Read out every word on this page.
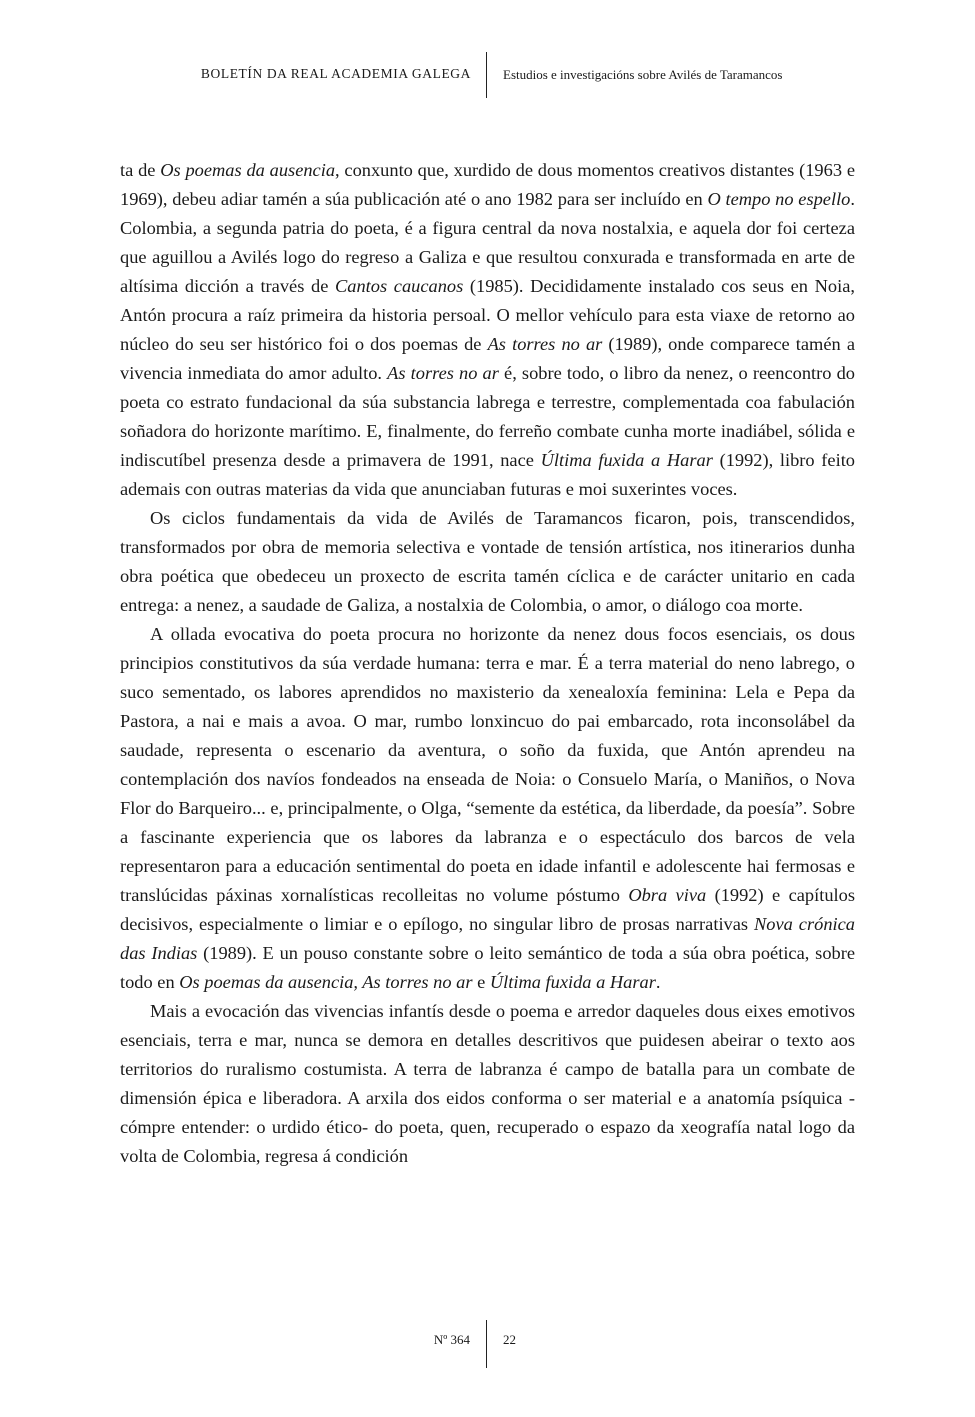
BOLETÍN DA REAL ACADEMIA GALEGA Estudios e investigacións sobre Avilés de Taramancos

ta de Os poemas da ausencia, conxunto que, xurdido de dous momentos creativos distantes (1963 e 1969), debeu adiar tamén a súa publicación até o ano 1982 para ser incluído en O tempo no espello. Colombia, a segunda patria do poeta, é a figura central da nova nostalxia, e aquela dor foi certeza que aguillou a Avilés logo do regreso a Galiza e que resultou conxurada e transformada en arte de altísima dicción a través de Cantos caucanos (1985). Decididamente instalado cos seus en Noia, Antón procura a raíz primeira da historia persoal. O mellor vehículo para esta viaxe de retorno ao núcleo do seu ser histórico foi o dos poemas de As torres no ar (1989), onde comparece tamén a vivencia inmediata do amor adulto. As torres no ar é, sobre todo, o libro da nenez, o reencontro do poeta co estrato fundacional da súa substancia labrega e terrestre, complementada coa fabulación soñadora do horizonte marítimo. E, finalmente, do ferreño combate cunha morte inadiábel, sólida e indiscutíbel presenza desde a primavera de 1991, nace Última fuxida a Harar (1992), libro feito ademais con outras materias da vida que anunciaban futuras e moi suxerintes voces.

Os ciclos fundamentais da vida de Avilés de Taramancos ficaron, pois, transcendidos, transformados por obra de memoria selectiva e vontade de tensión artística, nos itinerarios dunha obra poética que obedeceu un proxecto de escrita tamén cíclica e de carácter unitario en cada entrega: a nenez, a saudade de Galiza, a nostalxia de Colombia, o amor, o diálogo coa morte.

A ollada evocativa do poeta procura no horizonte da nenez dous focos esenciais, os dous principios constitutivos da súa verdade humana: terra e mar. É a terra material do neno labrego, o suco sementado, os labores aprendidos no maxisterio da xenealoxía feminina: Lela e Pepa da Pastora, a nai e mais a avoa. O mar, rumbo lonxincuo do pai embarcado, rota inconsolábel da saudade, representa o escenario da aventura, o soño da fuxida, que Antón aprendeu na contemplación dos navíos fondeados na enseada de Noia: o Consuelo María, o Maniños, o Nova Flor do Barqueiro... e, principalmente, o Olga, “semente da estética, da liberdade, da poesía”. Sobre a fascinante experiencia que os labores da labranza e o espectáculo dos barcos de vela representaron para a educación sentimental do poeta en idade infantil e adolescente hai fermosas e translúcidas páxinas xornalísticas recolleitas no volume póstumo Obra viva (1992) e capítulos decisivos, especialmente o limiar e o epílogo, no singular libro de prosas narrativas Nova crónica das Indias (1989). E un pouso constante sobre o leito semántico de toda a súa obra poética, sobre todo en Os poemas da ausencia, As torres no ar e Última fuxida a Harar.

Mais a evocación das vivencias infantís desde o poema e arredor daqueles dous eixes emotivos esenciais, terra e mar, nunca se demora en detalles descritivos que puidesen abeirar o texto aos territorios do ruralismo costumista. A terra de labranza é campo de batalla para un combate de dimensión épica e liberadora. A arxila dos eidos conforma o ser material e a anatomía psíquica -cómpre entender: o urdido ético- do poeta, quen, recuperado o espazo da xeografía natal logo da volta de Colombia, regresa á condición

Nº 364	22
